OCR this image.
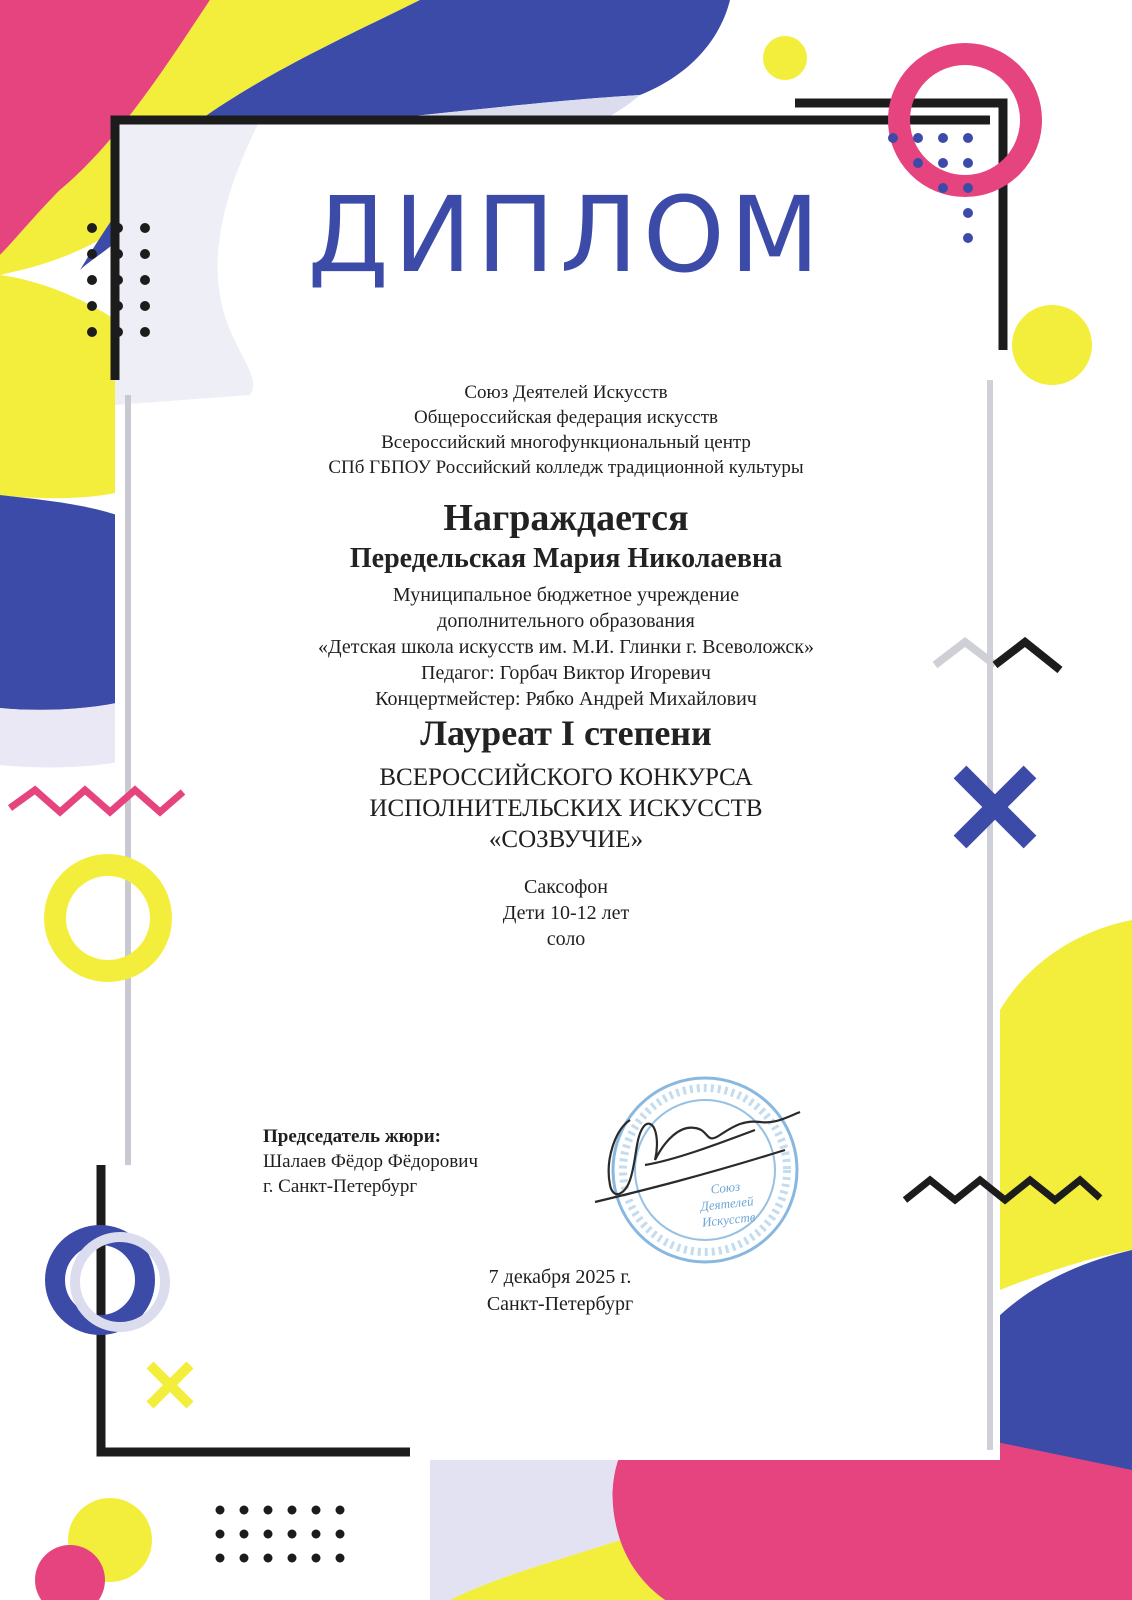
ДИПЛОМ
Союз Деятелей Искусств
Общероссийская федерация искусств
Всероссийский многофункциональный центр
СПб ГБПОУ Российский колледж традиционной культуры
Награждается
Передельская Мария Николаевна
Муниципальное бюджетное учреждение
дополнительного образования
«Детская школа искусств им. М.И. Глинки г. Всеволожск»
Педагог: Горбач Виктор Игоревич
Концертмейстер: Рябко Андрей Михайлович
Лауреат I степени
ВСЕРОССИЙСКОГО КОНКУРСА
ИСПОЛНИТЕЛЬСКИХ ИСКУССТВ
«СОЗВУЧИЕ»
Саксофон
Дети 10-12 лет
соло
Председатель жюри:
Шалаев Фёдор Фёдорович
г. Санкт-Петербург	Союз
Деятелей
Искусств
7 декабря 2025 г.
Санкт-Петербург
